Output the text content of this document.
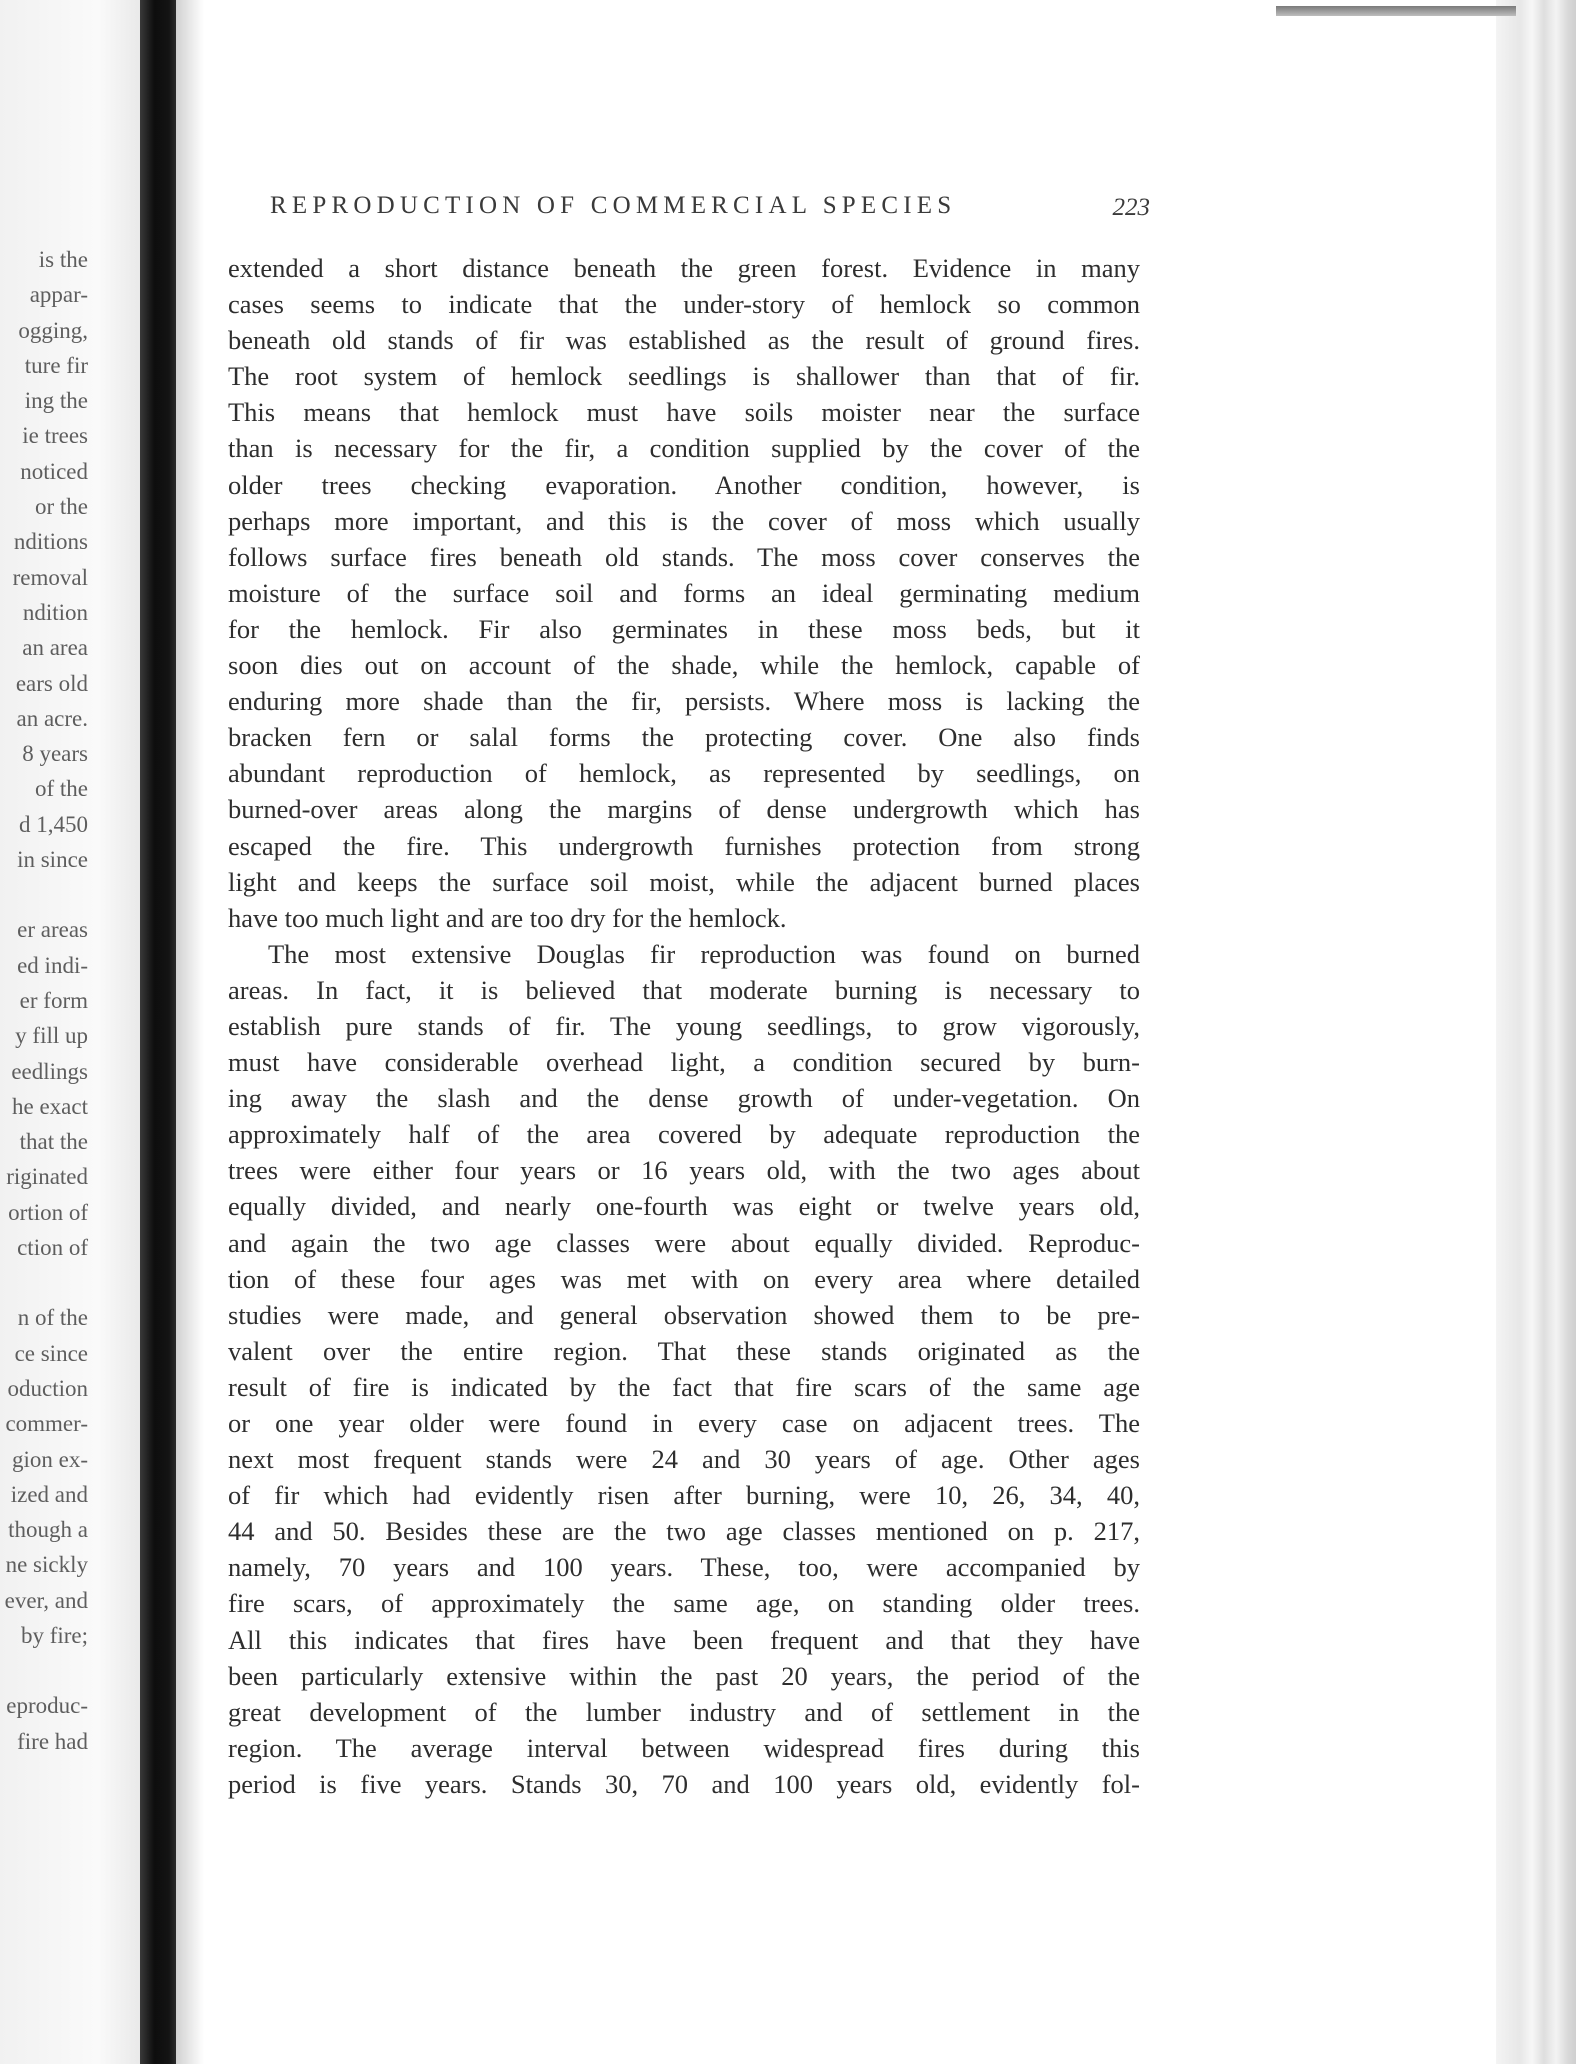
is the
appar-
ogging,
ture fir
ing the
ie trees
noticed
or the
nditions
removal
ndition
an area
ears old
an acre.
8 years
of the
d 1,450
in since
er areas
ed indi-
er form
y fill up
eedlings
he exact
that the
riginated
ortion of
ction of
n of the
ce since
oduction
commer-
gion ex-
ized and
though a
ne sickly
ever, and
by fire;
eproduc-
fire had
REPRODUCTION OF COMMERCIAL SPECIES	223
extended a short distance beneath the green forest. Evidence in many
cases seems to indicate that the under-story of hemlock so common
beneath old stands of fir was established as the result of ground fires.
The root system of hemlock seedlings is shallower than that of fir.
This means that hemlock must have soils moister near the surface
than is necessary for the fir, a condition supplied by the cover of the
older trees checking evaporation. Another condition, however, is
perhaps more important, and this is the cover of moss which usually
follows surface fires beneath old stands. The moss cover conserves the
moisture of the surface soil and forms an ideal germinating medium
for the hemlock. Fir also germinates in these moss beds, but it
soon dies out on account of the shade, while the hemlock, capable of
enduring more shade than the fir, persists. Where moss is lacking the
bracken fern or salal forms the protecting cover. One also finds
abundant reproduction of hemlock, as represented by seedlings, on
burned-over areas along the margins of dense undergrowth which has
escaped the fire. This undergrowth furnishes protection from strong
light and keeps the surface soil moist, while the adjacent burned places
have too much light and are too dry for the hemlock.
The most extensive Douglas fir reproduction was found on burned
areas. In fact, it is believed that moderate burning is necessary to
establish pure stands of fir. The young seedlings, to grow vigorously,
must have considerable overhead light, a condition secured by burn-
ing away the slash and the dense growth of under-vegetation. On
approximately half of the area covered by adequate reproduction the
trees were either four years or 16 years old, with the two ages about
equally divided, and nearly one-fourth was eight or twelve years old,
and again the two age classes were about equally divided. Reproduc-
tion of these four ages was met with on every area where detailed
studies were made, and general observation showed them to be pre-
valent over the entire region. That these stands originated as the
result of fire is indicated by the fact that fire scars of the same age
or one year older were found in every case on adjacent trees. The
next most frequent stands were 24 and 30 years of age. Other ages
of fir which had evidently risen after burning, were 10, 26, 34, 40,
44 and 50. Besides these are the two age classes mentioned on p. 217,
namely, 70 years and 100 years. These, too, were accompanied by
fire scars, of approximately the same age, on standing older trees.
All this indicates that fires have been frequent and that they have
been particularly extensive within the past 20 years, the period of the
great development of the lumber industry and of settlement in the
region. The average interval between widespread fires during this
period is five years. Stands 30, 70 and 100 years old, evidently fol-
